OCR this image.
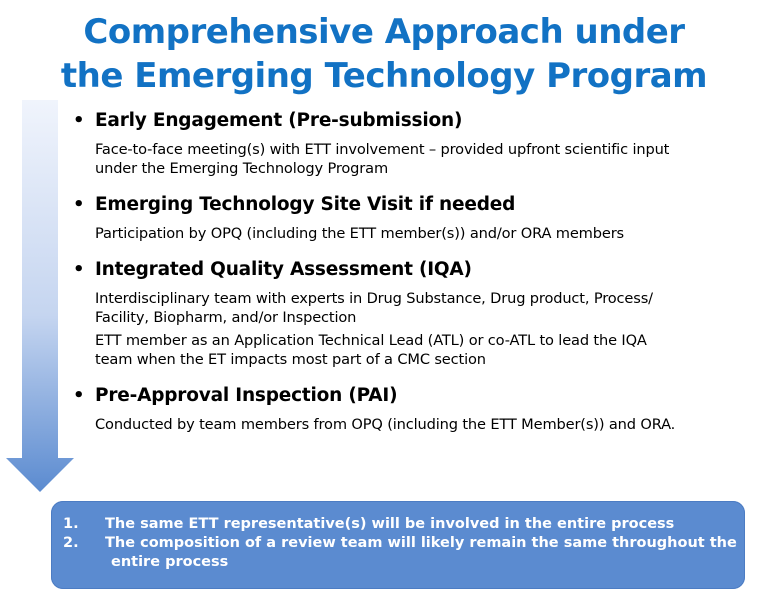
Comprehensive Approach under
the Emerging Technology Program
• Early Engagement (Pre-submission)
Face-to-face meeting(s) with ETT involvement – provided upfront scientific input
under the Emerging Technology Program
• Emerging Technology Site Visit if needed
Participation by OPQ (including the ETT member(s)) and/or ORA members
• Integrated Quality Assessment (IQA)
Interdisciplinary team with experts in Drug Substance, Drug product, Process/
Facility, Biopharm, and/or Inspection
ETT member as an Application Technical Lead (ATL) or co-ATL to lead the IQA
team when the ET impacts most part of a CMC section
• Pre-Approval Inspection (PAI)
Conducted by team members from OPQ (including the ETT Member(s)) and ORA.
1. The same ETT representative(s) will be involved in the entire process
2. The composition of a review team will likely remain the same throughout the
entire process
